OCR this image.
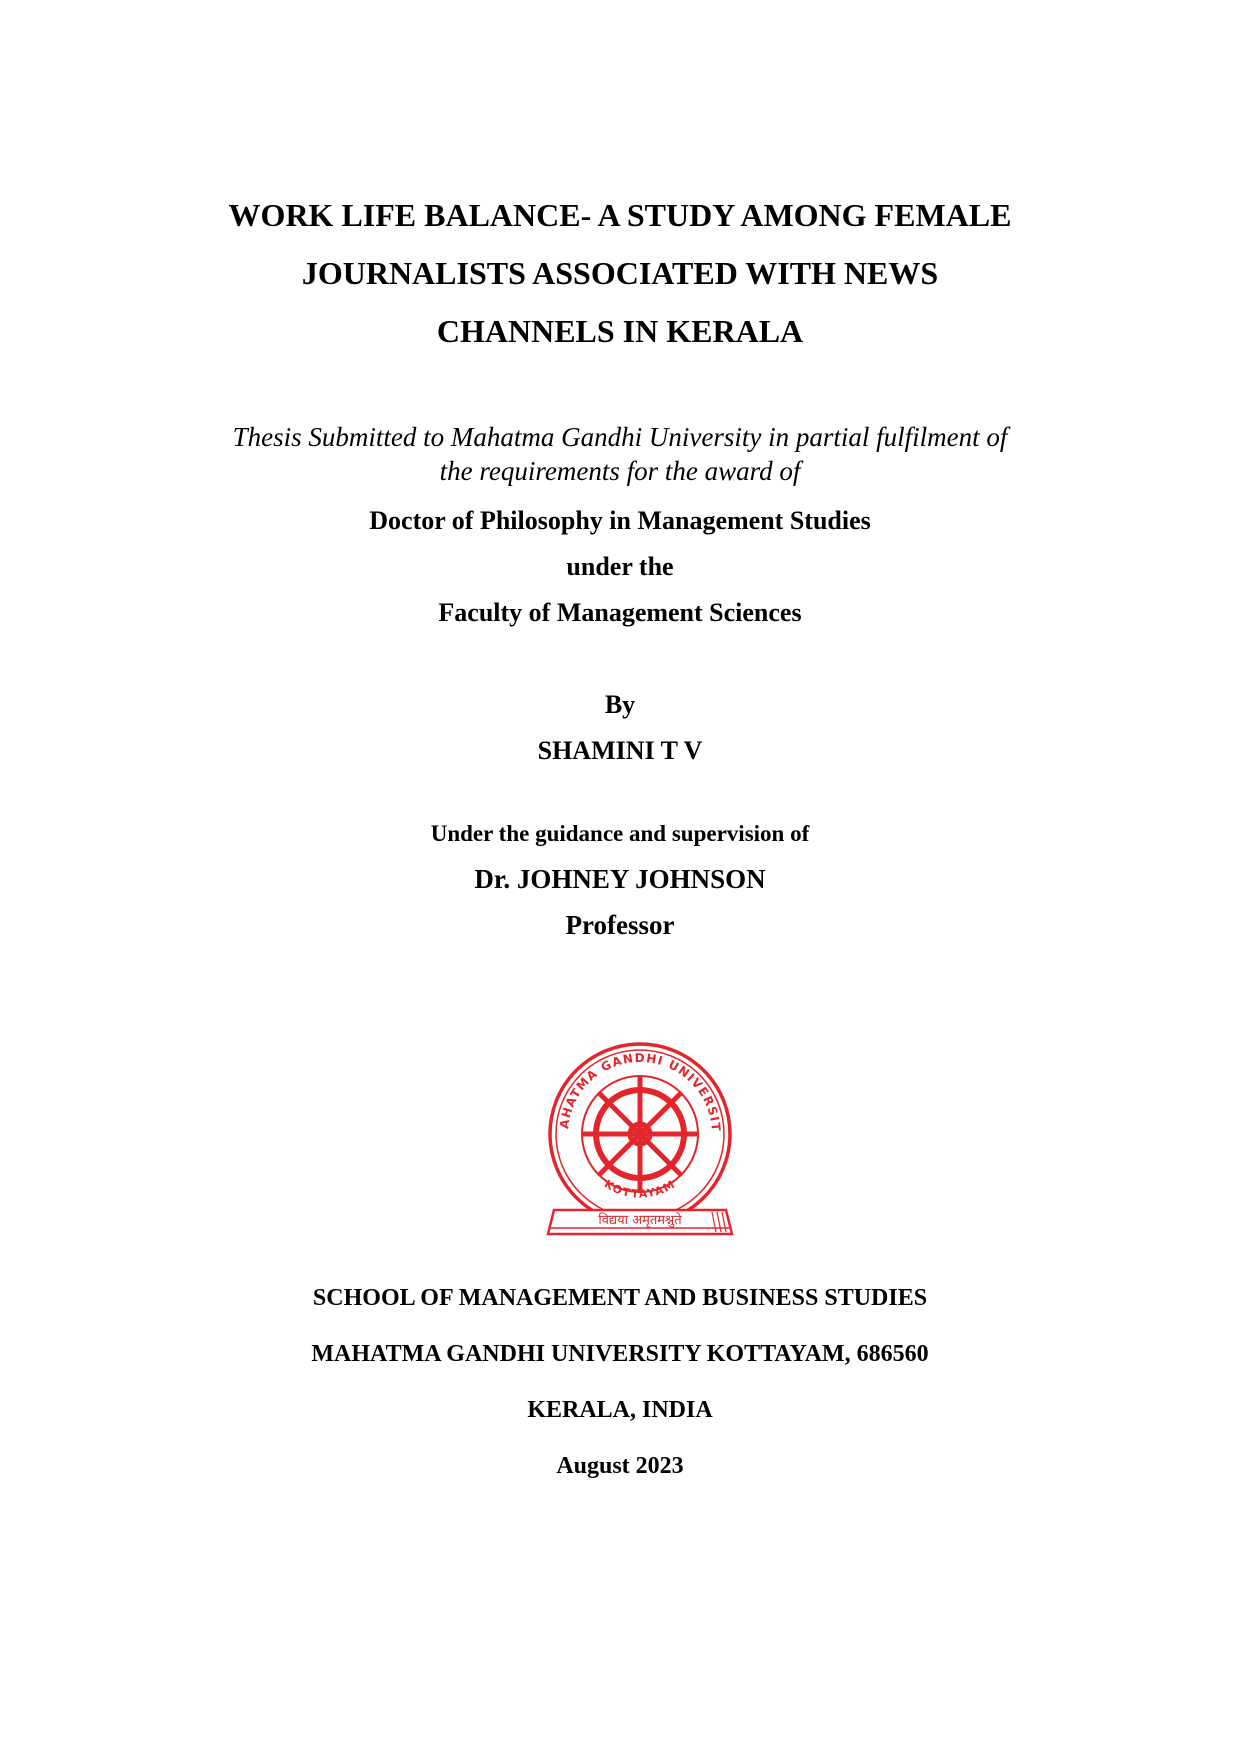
WORK LIFE BALANCE- A STUDY AMONG FEMALE
JOURNALISTS ASSOCIATED WITH NEWS
CHANNELS IN KERALA
Thesis Submitted to Mahatma Gandhi University in partial fulfilment of
the requirements for the award of
Doctor of Philosophy in Management Studies
under the
Faculty of Management Sciences
By
SHAMINI T V
Under the guidance and supervision of
Dr. JOHNEY JOHNSON
Professor
AHATMA GANDHI UNIVERSIT
KOTTAYAM
विद्यया अमृतमश्नुते
SCHOOL OF MANAGEMENT AND BUSINESS STUDIES
MAHATMA GANDHI UNIVERSITY KOTTAYAM, 686560
KERALA, INDIA
August 2023
